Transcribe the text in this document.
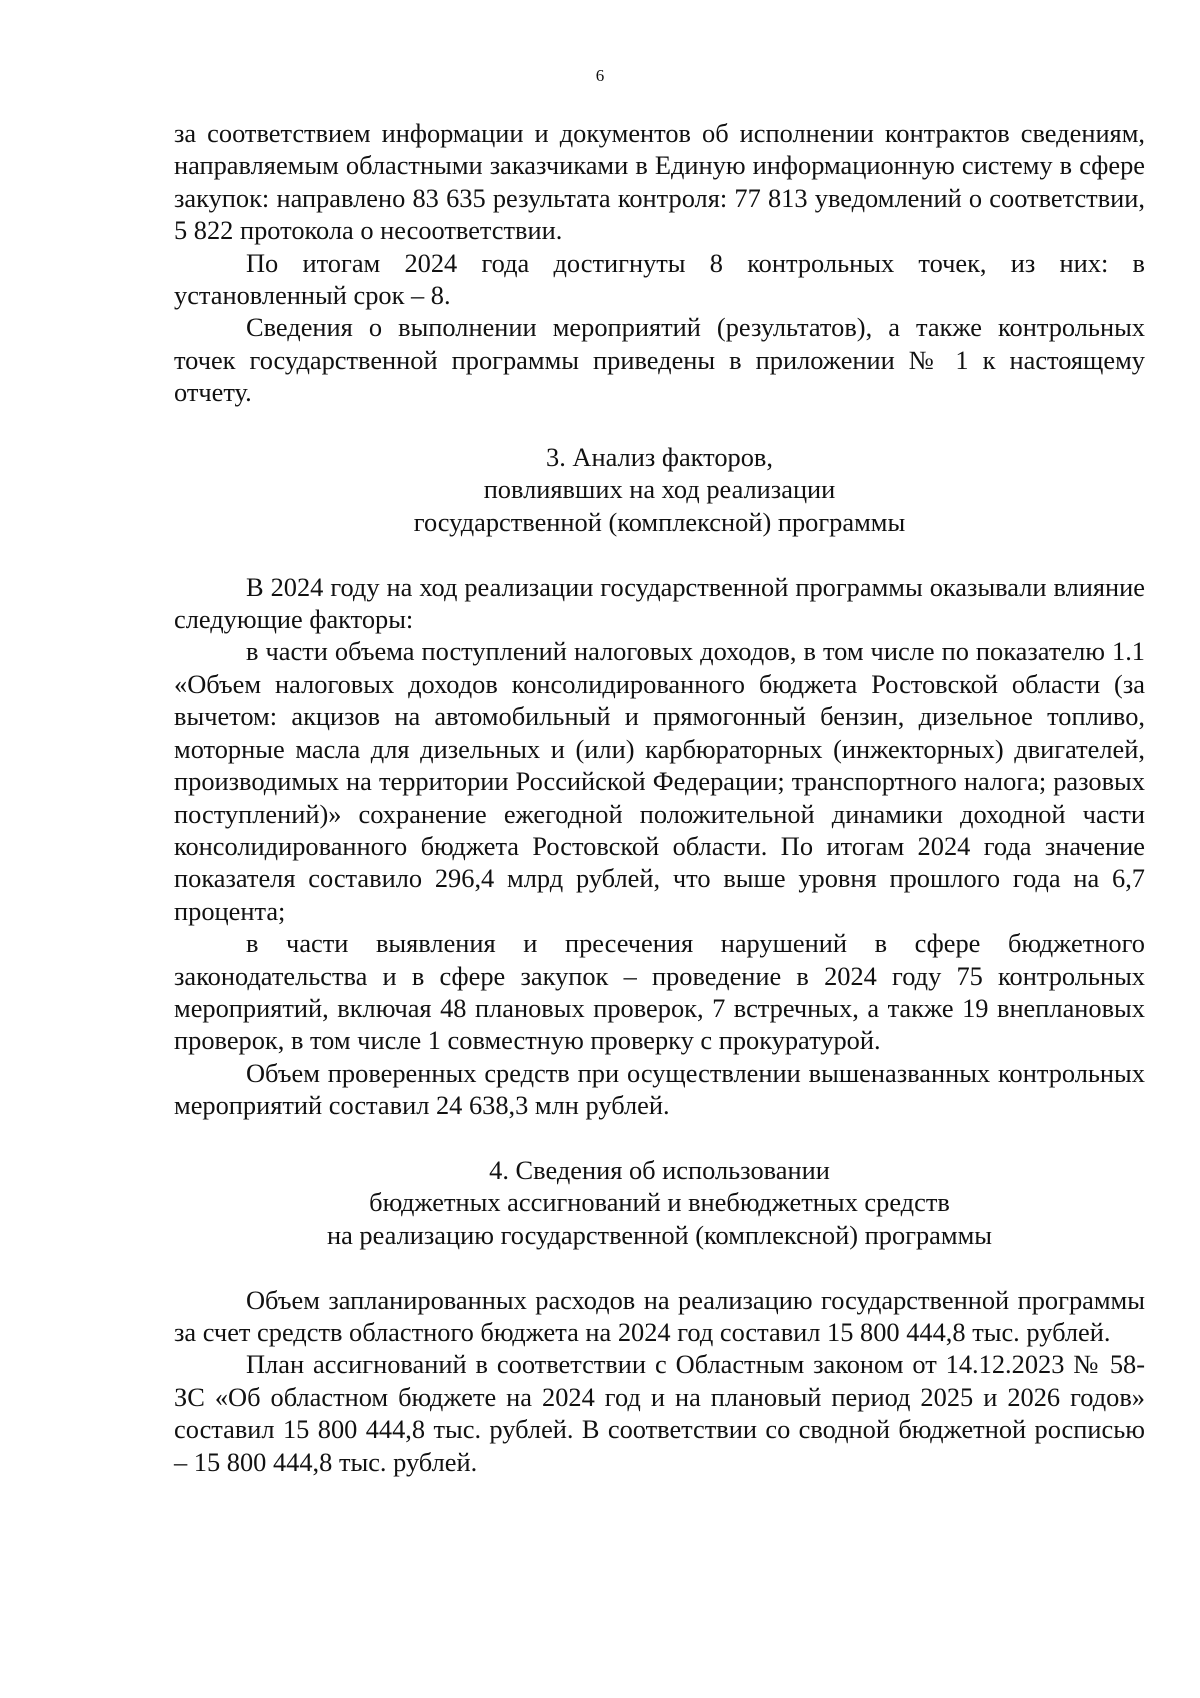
6

за соответствием информации и документов об исполнении контрактов сведениям, направляемым областными заказчиками в Единую информационную систему в сфере закупок: направлено 83 635 результата контроля: 77 813 уведомлений о соответствии, 5 822 протокола о несоответствии.

По итогам 2024 года достигнуты 8 контрольных точек, из них: в установленный срок – 8.

Сведения о выполнении мероприятий (результатов), а также контрольных точек государственной программы приведены в приложении № 1 к настоящему отчету.

3. Анализ факторов,
повлиявших на ход реализации
государственной (комплексной) программы

В 2024 году на ход реализации государственной программы оказывали влияние следующие факторы:

в части объема поступлений налоговых доходов, в том числе по показателю 1.1 «Объем налоговых доходов консолидированного бюджета Ростовской области (за вычетом: акцизов на автомобильный и прямогонный бензин, дизельное топливо, моторные масла для дизельных и (или) карбюраторных (инжекторных) двигателей, производимых на территории Российской Федерации; транспортного налога; разовых поступлений)» сохранение ежегодной положительной динамики доходной части консолидированного бюджета Ростовской области. По итогам 2024 года значение показателя составило 296,4 млрд рублей, что выше уровня прошлого года на 6,7 процента;

в части выявления и пресечения нарушений в сфере бюджетного законодательства и в сфере закупок – проведение в 2024 году 75 контрольных мероприятий, включая 48 плановых проверок, 7 встречных, а также 19 внеплановых проверок, в том числе 1 совместную проверку с прокуратурой.

Объем проверенных средств при осуществлении вышеназванных контрольных мероприятий составил 24 638,3 млн рублей.

4. Сведения об использовании
бюджетных ассигнований и внебюджетных средств
на реализацию государственной (комплексной) программы

Объем запланированных расходов на реализацию государственной программы за счет средств областного бюджета на 2024 год составил 15 800 444,8 тыс. рублей.

План ассигнований в соответствии с Областным законом от 14.12.2023 № 58-ЗС «Об областном бюджете на 2024 год и на плановый период 2025 и 2026 годов» составил 15 800 444,8 тыс. рублей. В соответствии со сводной бюджетной росписью – 15 800 444,8 тыс. рублей.
